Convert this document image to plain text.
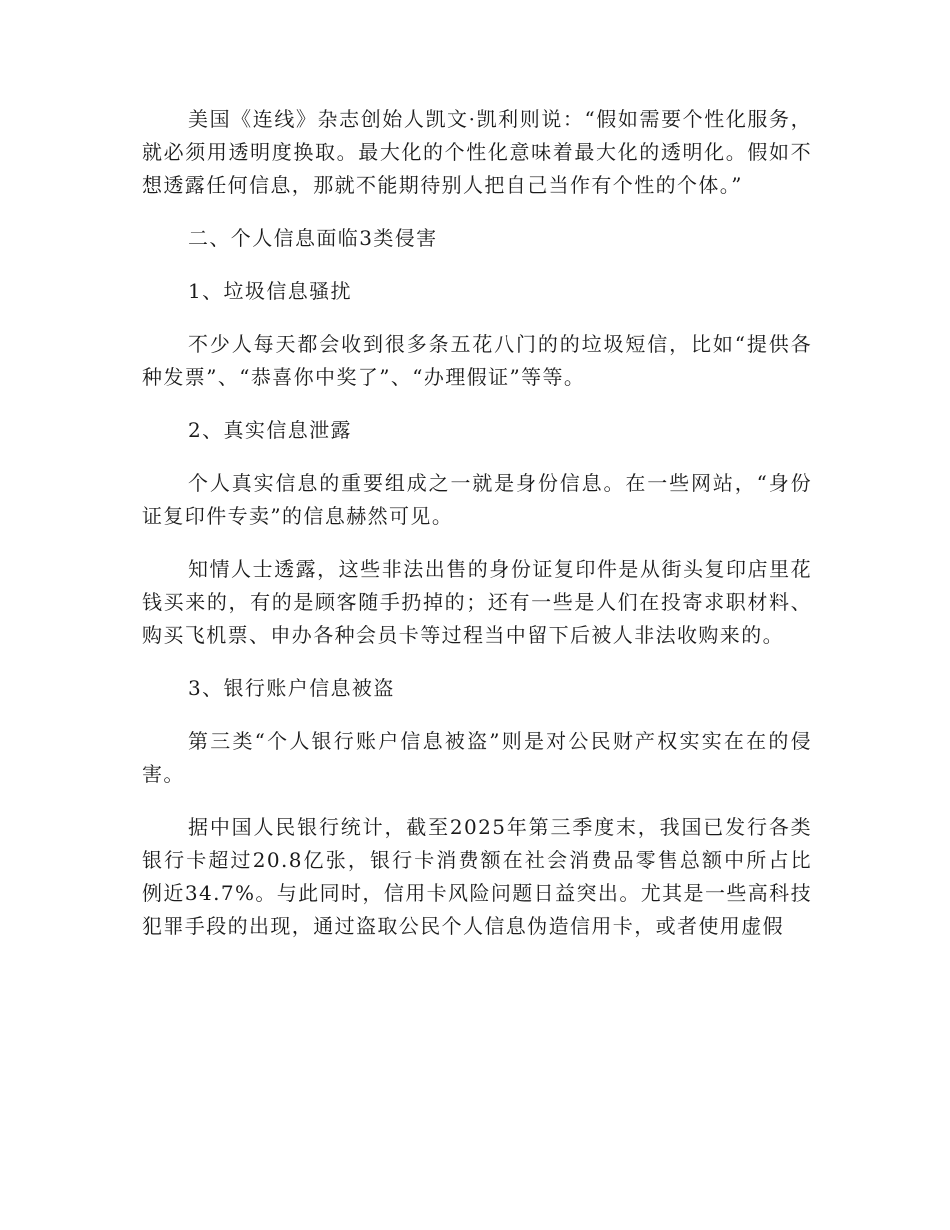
美国《连线》杂志创始人凯文·凯利则说：“假如需要个性化服务，就必须用透明度换取。最大化的个性化意味着最大化的透明化。假如不想透露任何信息，那就不能期待别人把自己当作有个性的个体。”

二、个人信息面临3类侵害

1、垃圾信息骚扰

不少人每天都会收到很多条五花八门的的垃圾短信，比如“提供各种发票”、“恭喜你中奖了”、“办理假证”等等。

2、真实信息泄露

个人真实信息的重要组成之一就是身份信息。在一些网站，“身份证复印件专卖”的信息赫然可见。

知情人士透露，这些非法出售的身份证复印件是从街头复印店里花钱买来的，有的是顾客随手扔掉的；还有一些是人们在投寄求职材料、购买飞机票、申办各种会员卡等过程当中留下后被人非法收购来的。

3、银行账户信息被盗

第三类“个人银行账户信息被盗”则是对公民财产权实实在在的侵害。

据中国人民银行统计，截至2025年第三季度末，我国已发行各类银行卡超过20.8亿张，银行卡消费额在社会消费品零售总额中所占比例近34.7%。与此同时，信用卡风险问题日益突出。尤其是一些高科技犯罪手段的出现，通过盗取公民个人信息伪造信用卡，或者使用虚假
